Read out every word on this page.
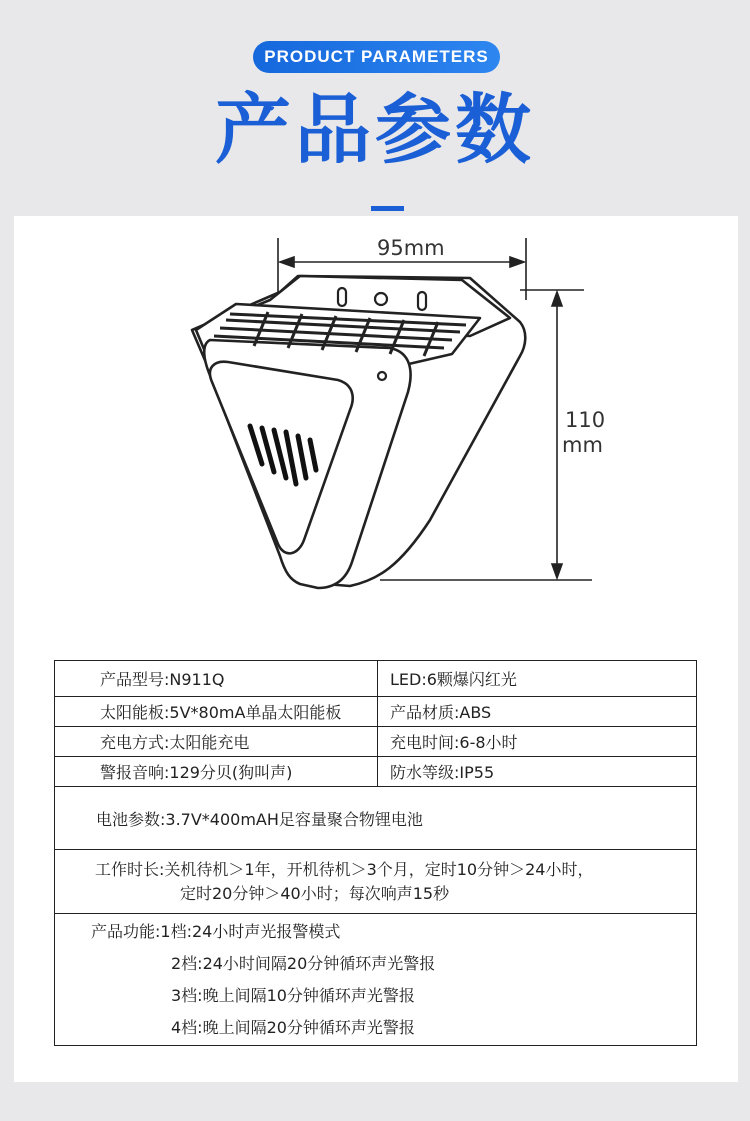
PRODUCT PARAMETERS
产品参数
95mm
110
mm
产品型号:N911Q	LED:6颗爆闪红光

太阳能板:5V*80mA单晶太阳能板	产品材质:ABS

充电方式:太阳能充电	充电时间:6-8小时

警报音响:129分贝(狗叫声)	防水等级:IP55

电池参数:3.7V*400mAH足容量聚合物锂电池	

工作时长:关机待机＞1年，开机待机＞3个月，定时10分钟＞24小时，
定时20分钟＞40小时；每次响声15秒	

产品功能:1档:24小时声光报警模式
2档:24小时间隔20分钟循环声光警报
3档:晚上间隔10分钟循环声光警报
4档:晚上间隔20分钟循环声光警报	
